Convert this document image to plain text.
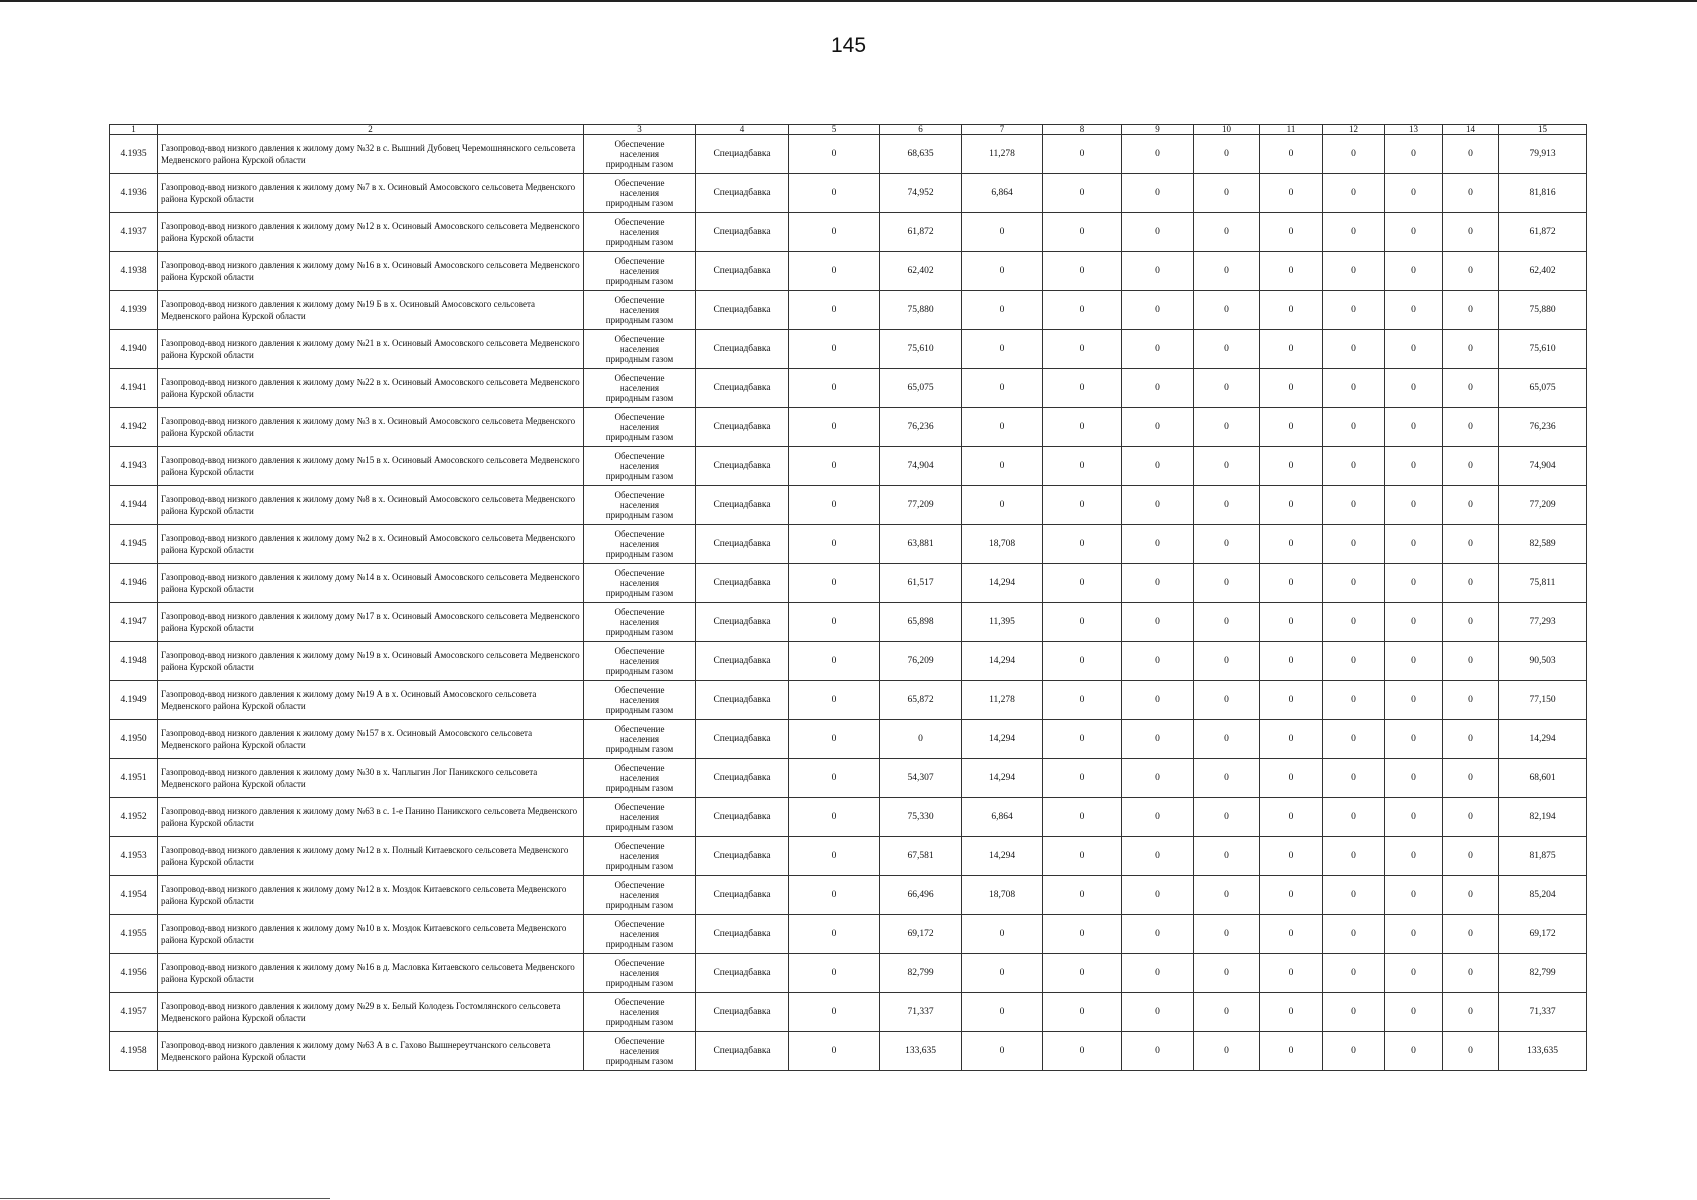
145
1	2	3	4	5	6	7	8	9	10	11	12	13	14	15
4.1935	Газопровод-ввод низкого давления к жилому дому №32 в с. Вышний Дубовец Черемошнянского сельсовета Медвенского района Курской области	Обеспечение
населения
природным газом	Специадбавка	0	68,635	11,278	0	0	0	0	0	0	0	79,913
4.1936	Газопровод-ввод низкого давления к жилому дому №7 в х. Осиновый Амосовского сельсовета Медвенского района Курской области	Обеспечение
населения
природным газом	Специадбавка	0	74,952	6,864	0	0	0	0	0	0	0	81,816
4.1937	Газопровод-ввод низкого давления к жилому дому №12 в х. Осиновый Амосовского сельсовета Медвенского района Курской области	Обеспечение
населения
природным газом	Специадбавка	0	61,872	0	0	0	0	0	0	0	0	61,872
4.1938	Газопровод-ввод низкого давления к жилому дому №16 в х. Осиновый Амосовского сельсовета Медвенского района Курской области	Обеспечение
населения
природным газом	Специадбавка	0	62,402	0	0	0	0	0	0	0	0	62,402
4.1939	Газопровод-ввод низкого давления к жилому дому №19 Б в х. Осиновый Амосовского сельсовета Медвенского района Курской области	Обеспечение
населения
природным газом	Специадбавка	0	75,880	0	0	0	0	0	0	0	0	75,880
4.1940	Газопровод-ввод низкого давления к жилому дому №21 в х. Осиновый Амосовского сельсовета Медвенского района Курской области	Обеспечение
населения
природным газом	Специадбавка	0	75,610	0	0	0	0	0	0	0	0	75,610
4.1941	Газопровод-ввод низкого давления к жилому дому №22 в х. Осиновый Амосовского сельсовета Медвенского района Курской области	Обеспечение
населения
природным газом	Специадбавка	0	65,075	0	0	0	0	0	0	0	0	65,075
4.1942	Газопровод-ввод низкого давления к жилому дому №3 в х. Осиновый Амосовского сельсовета Медвенского района Курской области	Обеспечение
населения
природным газом	Специадбавка	0	76,236	0	0	0	0	0	0	0	0	76,236
4.1943	Газопровод-ввод низкого давления к жилому дому №15 в х. Осиновый Амосовского сельсовета Медвенского района Курской области	Обеспечение
населения
природным газом	Специадбавка	0	74,904	0	0	0	0	0	0	0	0	74,904
4.1944	Газопровод-ввод низкого давления к жилому дому №8 в х. Осиновый Амосовского сельсовета Медвенского района Курской области	Обеспечение
населения
природным газом	Специадбавка	0	77,209	0	0	0	0	0	0	0	0	77,209
4.1945	Газопровод-ввод низкого давления к жилому дому №2 в х. Осиновый Амосовского сельсовета Медвенского района Курской области	Обеспечение
населения
природным газом	Специадбавка	0	63,881	18,708	0	0	0	0	0	0	0	82,589
4.1946	Газопровод-ввод низкого давления к жилому дому №14 в х. Осиновый Амосовского сельсовета Медвенского района Курской области	Обеспечение
населения
природным газом	Специадбавка	0	61,517	14,294	0	0	0	0	0	0	0	75,811
4.1947	Газопровод-ввод низкого давления к жилому дому №17 в х. Осиновый Амосовского сельсовета Медвенского района Курской области	Обеспечение
населения
природным газом	Специадбавка	0	65,898	11,395	0	0	0	0	0	0	0	77,293
4.1948	Газопровод-ввод низкого давления к жилому дому №19 в х. Осиновый Амосовского сельсовета Медвенского района Курской области	Обеспечение
населения
природным газом	Специадбавка	0	76,209	14,294	0	0	0	0	0	0	0	90,503
4.1949	Газопровод-ввод низкого давления к жилому дому №19 А в х. Осиновый Амосовского сельсовета Медвенского района Курской области	Обеспечение
населения
природным газом	Специадбавка	0	65,872	11,278	0	0	0	0	0	0	0	77,150
4.1950	Газопровод-ввод низкого давления к жилому дому №157 в х. Осиновый Амосовского сельсовета Медвенского района Курской области	Обеспечение
населения
природным газом	Специадбавка	0	0	14,294	0	0	0	0	0	0	0	14,294
4.1951	Газопровод-ввод низкого давления к жилому дому №30 в х. Чаплыгин Лог Паникского сельсовета Медвенского района Курской области	Обеспечение
населения
природным газом	Специадбавка	0	54,307	14,294	0	0	0	0	0	0	0	68,601
4.1952	Газопровод-ввод низкого давления к жилому дому №63 в с. 1-е Панино Паникского сельсовета Медвенского района Курской области	Обеспечение
населения
природным газом	Специадбавка	0	75,330	6,864	0	0	0	0	0	0	0	82,194
4.1953	Газопровод-ввод низкого давления к жилому дому №12 в х. Полный Китаевского сельсовета Медвенского района Курской области	Обеспечение
населения
природным газом	Специадбавка	0	67,581	14,294	0	0	0	0	0	0	0	81,875
4.1954	Газопровод-ввод низкого давления к жилому дому №12 в х. Моздок Китаевского сельсовета Медвенского района Курской области	Обеспечение
населения
природным газом	Специадбавка	0	66,496	18,708	0	0	0	0	0	0	0	85,204
4.1955	Газопровод-ввод низкого давления к жилому дому №10 в х. Моздок Китаевского сельсовета Медвенского района Курской области	Обеспечение
населения
природным газом	Специадбавка	0	69,172	0	0	0	0	0	0	0	0	69,172
4.1956	Газопровод-ввод низкого давления к жилому дому №16 в д. Масловка Китаевского сельсовета Медвенского района Курской области	Обеспечение
населения
природным газом	Специадбавка	0	82,799	0	0	0	0	0	0	0	0	82,799
4.1957	Газопровод-ввод низкого давления к жилому дому №29 в х. Белый Колодезь Гостомлянского сельсовета Медвенского района Курской области	Обеспечение
населения
природным газом	Специадбавка	0	71,337	0	0	0	0	0	0	0	0	71,337
4.1958	Газопровод-ввод низкого давления к жилому дому №63 А в с. Гахово Вышнереутчанского сельсовета Медвенского района Курской области	Обеспечение
населения
природным газом	Специадбавка	0	133,635	0	0	0	0	0	0	0	0	133,635
